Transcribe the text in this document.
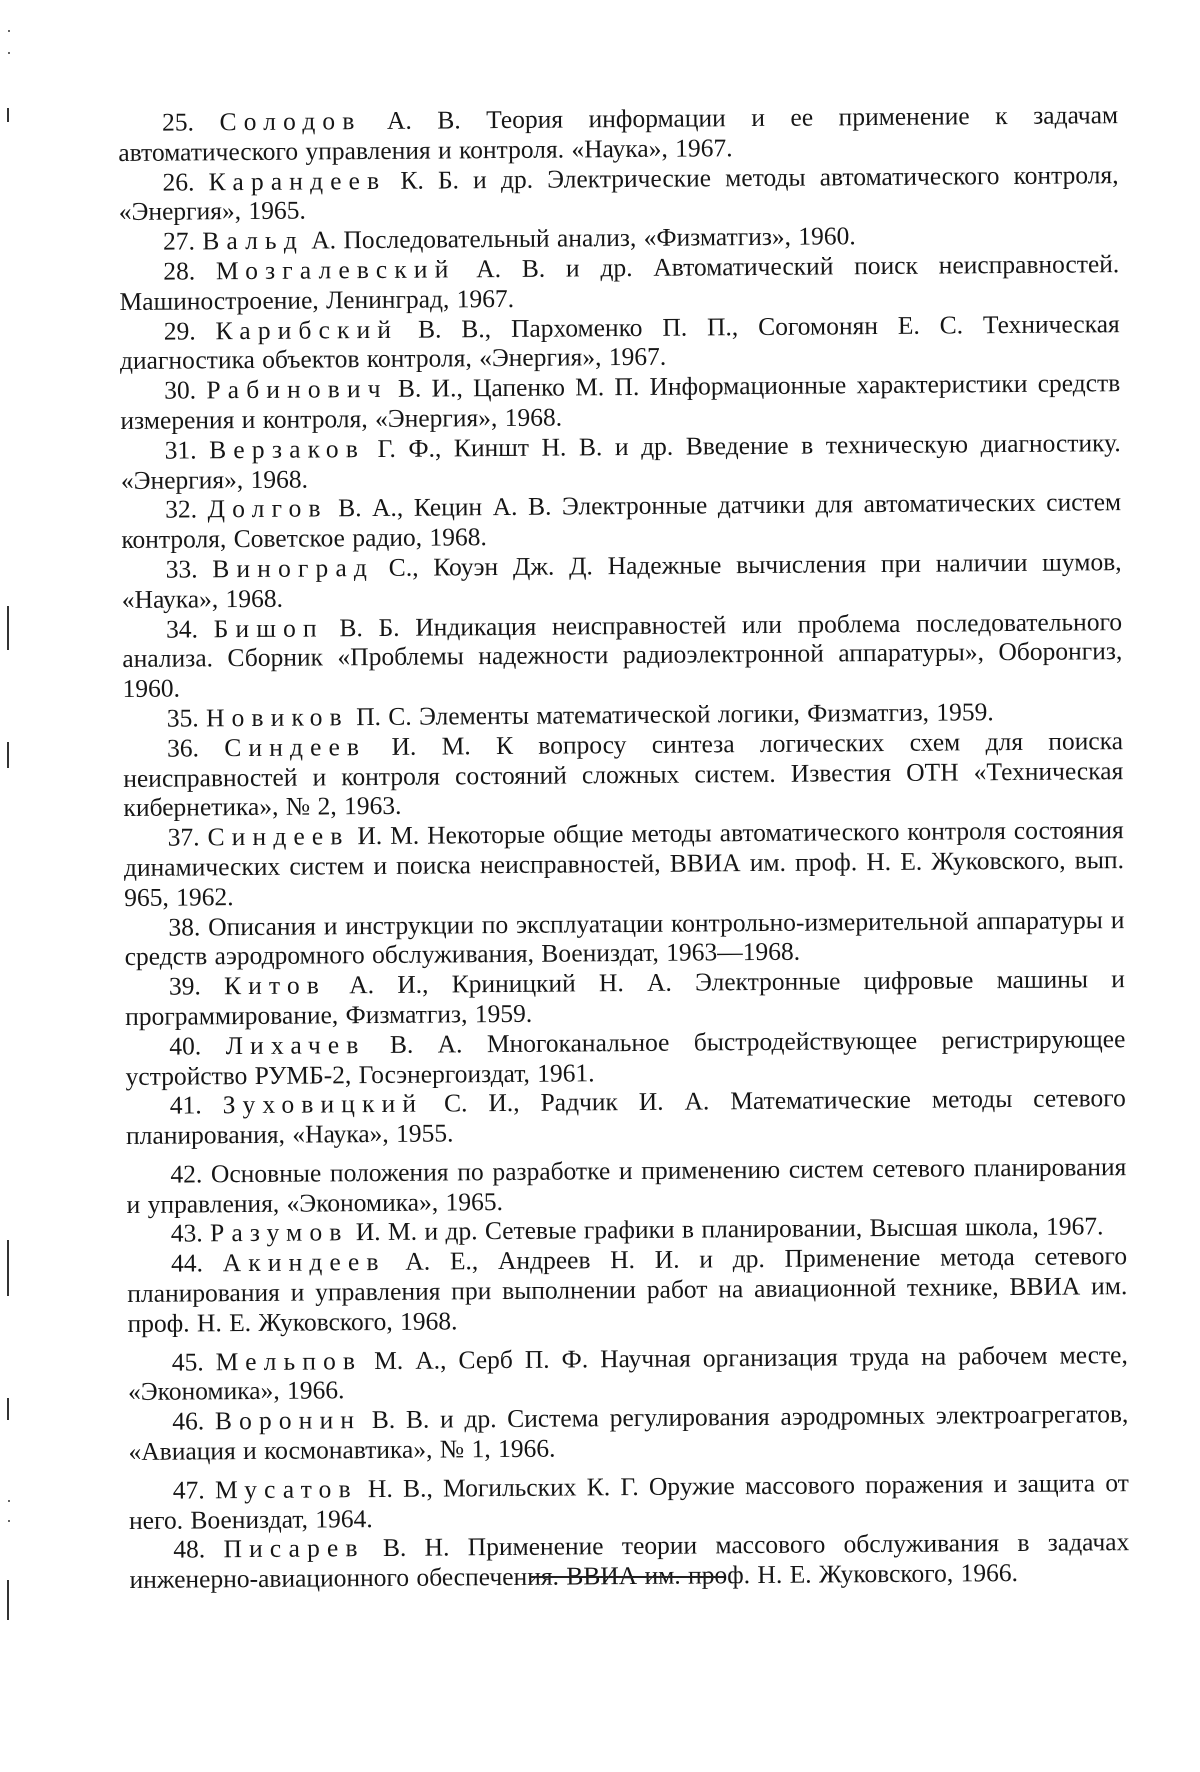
25. Солодов А. В. Теория информации и ее применение к задачам автоматического управления и контроля. «Наука», 1967.

26. Карандеев К. Б. и др. Электрические методы автоматического контроля, «Энергия», 1965.

27. Вальд А. Последовательный анализ, «Физматгиз», 1960.

28. Мозгалевский А. В. и др. Автоматический поиск неисправностей. Машиностроение, Ленинград, 1967.

29. Карибский В. В., Пархоменко П. П., Согомонян Е. С. Техническая диагностика объектов контроля, «Энергия», 1967.

30. Рабинович В. И., Цапенко М. П. Информационные характеристики средств измерения и контроля, «Энергия», 1968.

31. Верзаков Г. Ф., Киншт Н. В. и др. Введение в техническую диагностику. «Энергия», 1968.

32. Долгов В. А., Кецин А. В. Электронные датчики для автоматических систем контроля, Советское радио, 1968.

33. Виноград С., Коуэн Дж. Д. Надежные вычисления при наличии шумов, «Наука», 1968.

34. Бишоп В. Б. Индикация неисправностей или проблема последовательного анализа. Сборник «Проблемы надежности радиоэлектронной аппаратуры», Оборонгиз, 1960.

35. Новиков П. С. Элементы математической логики, Физматгиз, 1959.

36. Синдеев И. М. К вопросу синтеза логических схем для поиска неисправностей и контроля состояний сложных систем. Известия ОТН «Техническая кибернетика», № 2, 1963.

37. Синдеев И. М. Некоторые общие методы автоматического контроля состояния динамических систем и поиска неисправностей, ВВИА им. проф. Н. Е. Жуковского, вып. 965, 1962.

38. Описания и инструкции по эксплуатации контрольно-измерительной аппаратуры и средств аэродромного обслуживания, Воениздат, 1963—1968.

39. Китов А. И., Криницкий Н. А. Электронные цифровые машины и программирование, Физматгиз, 1959.

40. Лихачев В. А. Многоканальное быстродействующее регистрирующее устройство РУМБ-2, Госэнергоиздат, 1961.

41. Зуховицкий С. И., Радчик И. А. Математические методы сетевого планирования, «Наука», 1955.

42. Основные положения по разработке и применению систем сетевого планирования и управления, «Экономика», 1965.

43. Разумов И. М. и др. Сетевые графики в планировании, Высшая школа, 1967.

44. Акиндеев А. Е., Андреев Н. И. и др. Применение метода сетевого планирования и управления при выполнении работ на авиационной технике, ВВИА им. проф. Н. Е. Жуковского, 1968.

45. Мельпов М. А., Серб П. Ф. Научная организация труда на рабочем месте, «Экономика», 1966.

46. Воронин В. В. и др. Система регулирования аэродромных электроагрегатов, «Авиация и космонавтика», № 1, 1966.

47. Мусатов Н. В., Могильских К. Г. Оружие массового поражения и защита от него. Воениздат, 1964.

48. Писарев В. Н. Применение теории массового обслуживания в задачах инженерно-авиационного обеспечения. ВВИА им. проф. Н. Е. Жуковского, 1966.
